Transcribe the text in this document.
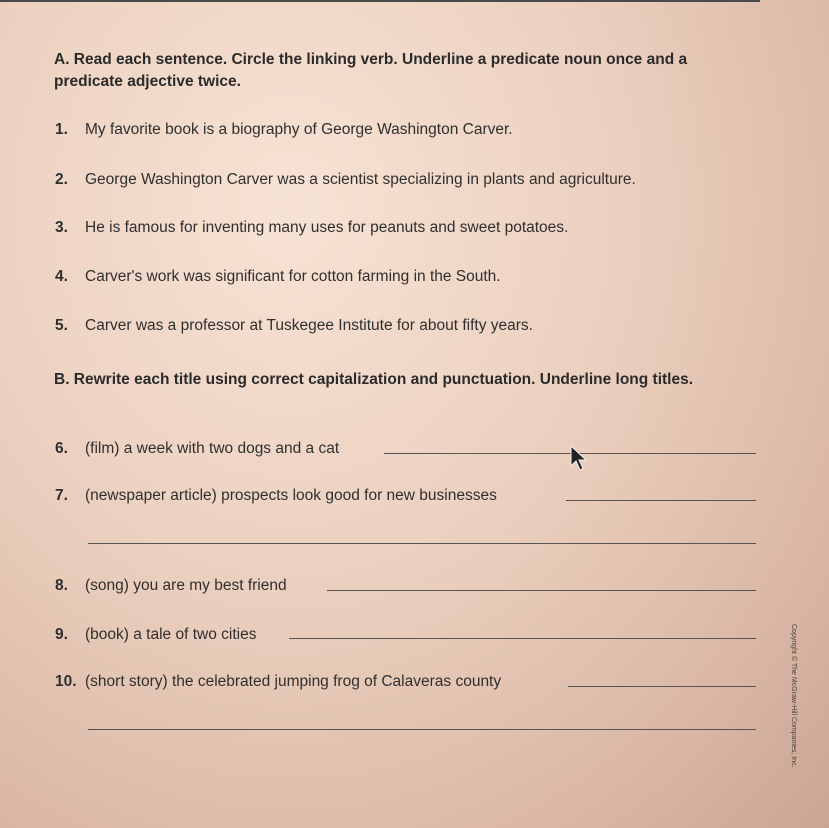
A. Read each sentence. Circle the linking verb. Underline a predicate noun once and a predicate adjective twice.
1. My favorite book is a biography of George Washington Carver.
2. George Washington Carver was a scientist specializing in plants and agriculture.
3. He is famous for inventing many uses for peanuts and sweet potatoes.
4. Carver's work was significant for cotton farming in the South.
5. Carver was a professor at Tuskegee Institute for about fifty years.
B. Rewrite each title using correct capitalization and punctuation. Underline long titles.
6. (film) a week with two dogs and a cat
7. (newspaper article) prospects look good for new businesses
8. (song) you are my best friend
9. (book) a tale of two cities
10. (short story) the celebrated jumping frog of Calaveras county	Copyright © The McGraw-Hill Companies, Inc.
